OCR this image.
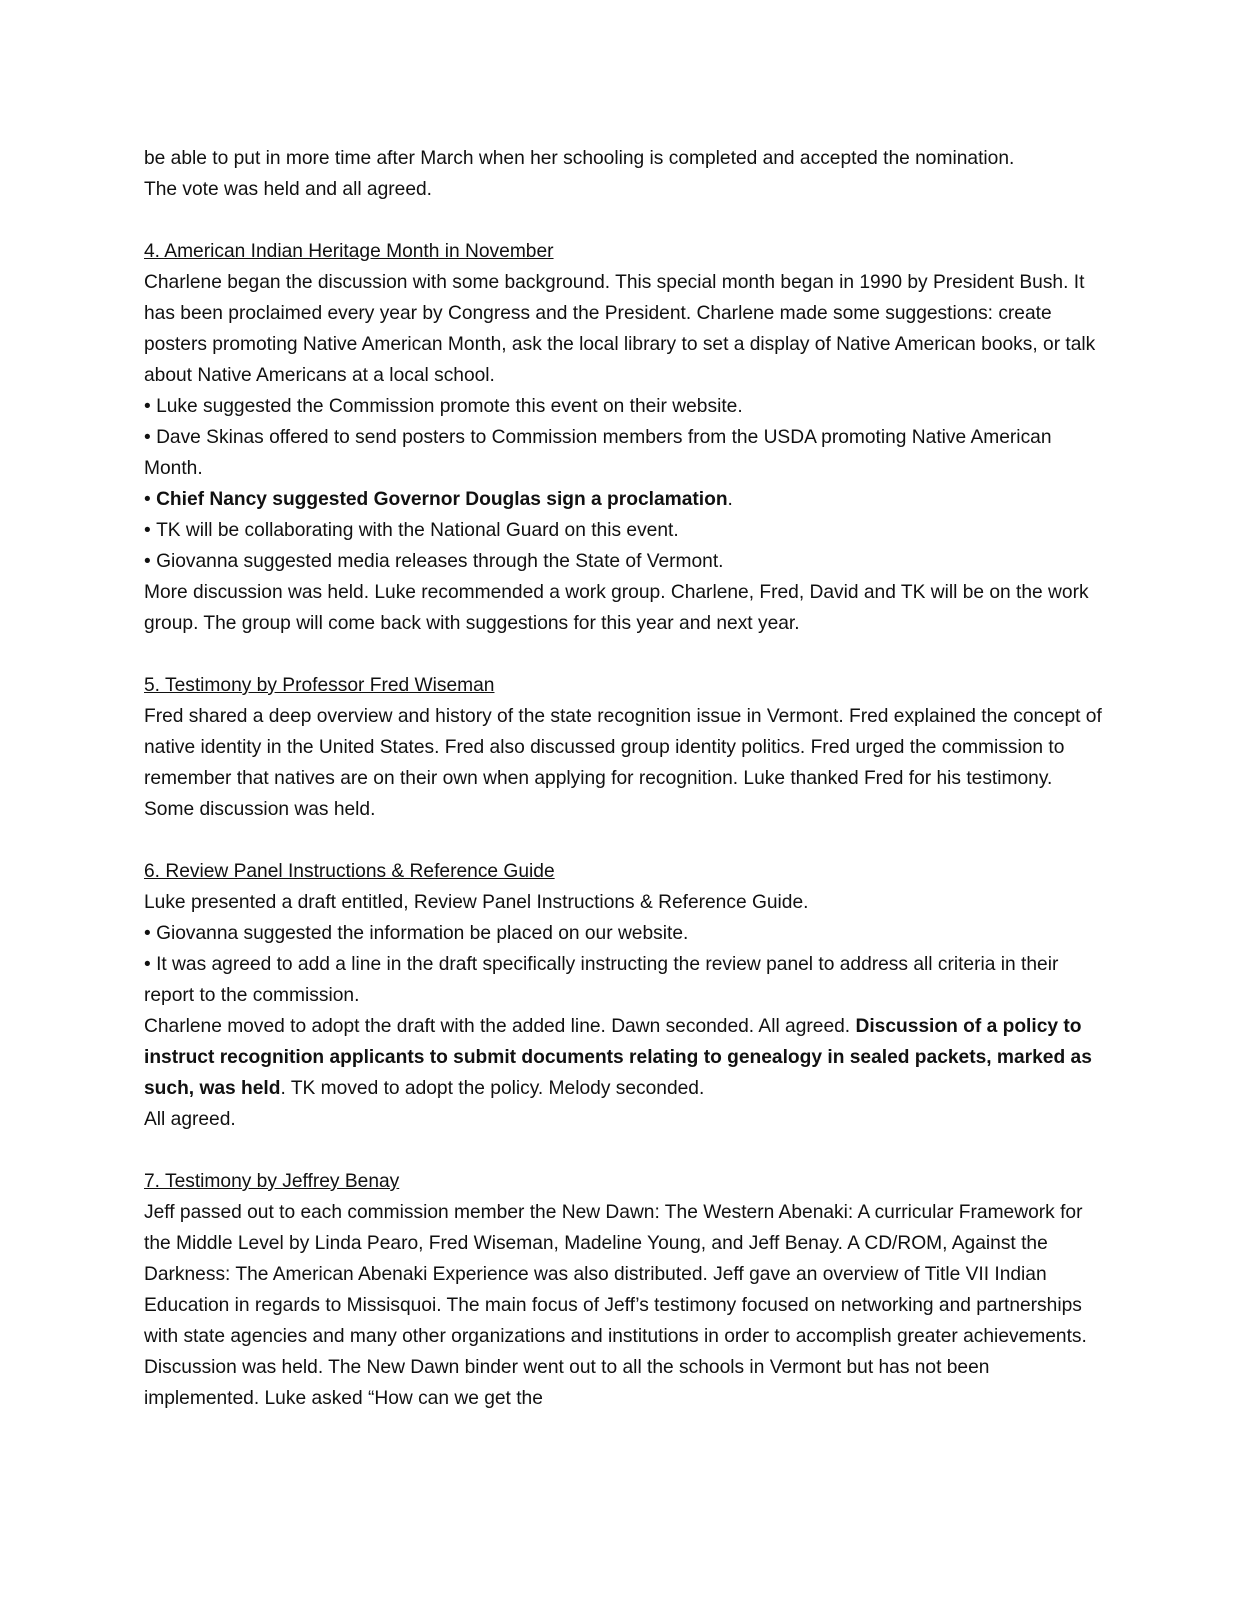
be able to put in more time after March when her schooling is completed and accepted the nomination.

The vote was held and all agreed.

4. American Indian Heritage Month in November

Charlene began the discussion with some background. This special month began in 1990 by President Bush. It has been proclaimed every year by Congress and the President. Charlene made some suggestions: create posters promoting Native American Month, ask the local library to set a display of Native American books, or talk about Native Americans at a local school.

• Luke suggested the Commission promote this event on their website.

• Dave Skinas offered to send posters to Commission members from the USDA promoting Native American Month.

• Chief Nancy suggested Governor Douglas sign a proclamation.

• TK will be collaborating with the National Guard on this event.

• Giovanna suggested media releases through the State of Vermont.

More discussion was held. Luke recommended a work group. Charlene, Fred, David and TK will be on the work group. The group will come back with suggestions for this year and next year.

5. Testimony by Professor Fred Wiseman

Fred shared a deep overview and history of the state recognition issue in Vermont. Fred explained the concept of native identity in the United States. Fred also discussed group identity politics. Fred urged the commission to remember that natives are on their own when applying for recognition. Luke thanked Fred for his testimony. Some discussion was held.

6. Review Panel Instructions & Reference Guide

Luke presented a draft entitled, Review Panel Instructions & Reference Guide.

• Giovanna suggested the information be placed on our website.

• It was agreed to add a line in the draft specifically instructing the review panel to address all criteria in their report to the commission.

Charlene moved to adopt the draft with the added line. Dawn seconded. All agreed. Discussion of a policy to instruct recognition applicants to submit documents relating to genealogy in sealed packets, marked as such, was held. TK moved to adopt the policy. Melody seconded.

All agreed.

7. Testimony by Jeffrey Benay

Jeff passed out to each commission member the New Dawn: The Western Abenaki: A curricular Framework for the Middle Level by Linda Pearo, Fred Wiseman, Madeline Young, and Jeff Benay. A CD/ROM, Against the Darkness: The American Abenaki Experience was also distributed. Jeff gave an overview of Title VII Indian Education in regards to Missisquoi. The main focus of Jeff’s testimony focused on networking and partnerships with state agencies and many other organizations and institutions in order to accomplish greater achievements. Discussion was held. The New Dawn binder went out to all the schools in Vermont but has not been implemented. Luke asked “How can we get the
